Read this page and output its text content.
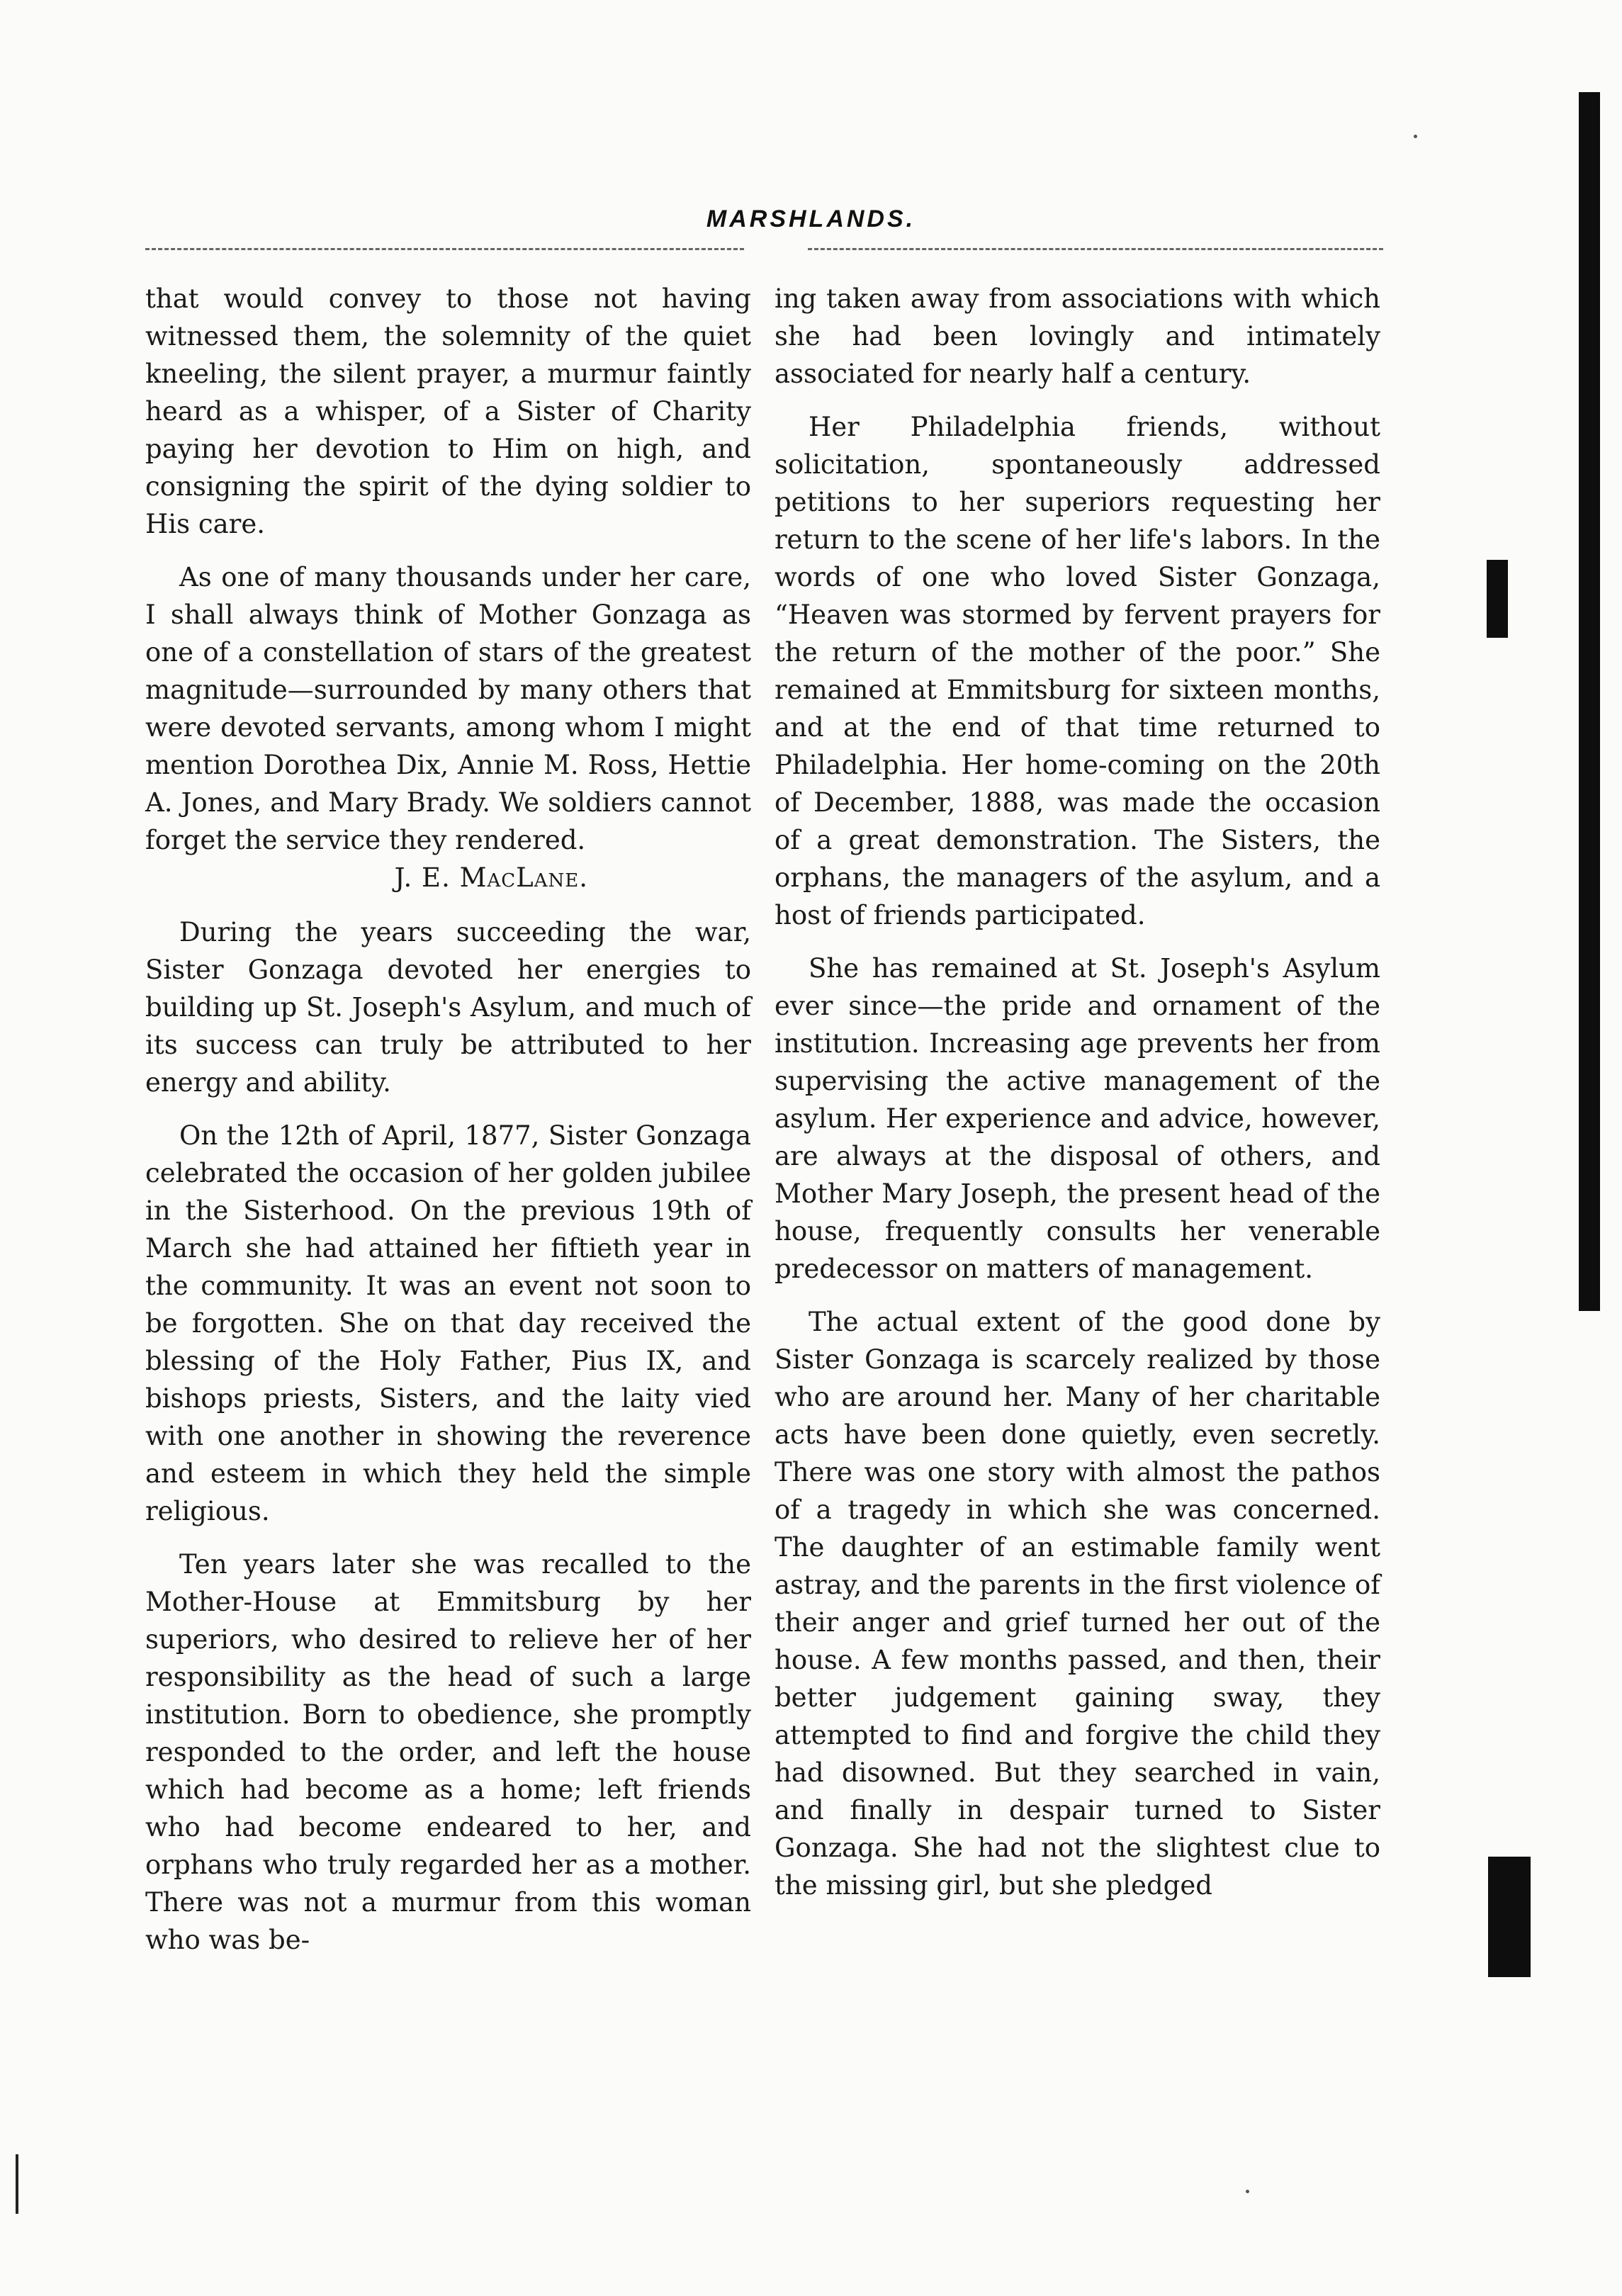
MARSHLANDS.

that would convey to those not having witnessed them, the solemnity of the quiet kneeling, the silent prayer, a murmur faintly heard as a whisper, of a Sister of Charity paying her devotion to Him on high, and consigning the spirit of the dying soldier to His care.

As one of many thousands under her care, I shall always think of Mother Gonzaga as one of a constellation of stars of the greatest magnitude—surrounded by many others that were devoted servants, among whom I might mention Dorothea Dix, Annie M. Ross, Hettie A. Jones, and Mary Brady. We soldiers cannot forget the service they rendered.

J. E. MacLane.

During the years succeeding the war, Sister Gonzaga devoted her energies to building up St. Joseph's Asylum, and much of its success can truly be attributed to her energy and ability.

On the 12th of April, 1877, Sister Gonzaga celebrated the occasion of her golden jubilee in the Sisterhood. On the previous 19th of March she had attained her fiftieth year in the community. It was an event not soon to be forgotten. She on that day received the blessing of the Holy Father, Pius IX, and bishops priests, Sisters, and the laity vied with one another in showing the reverence and esteem in which they held the simple religious.

Ten years later she was recalled to the Mother-House at Emmitsburg by her superiors, who desired to relieve her of her responsibility as the head of such a large institution. Born to obedience, she promptly responded to the order, and left the house which had become as a home; left friends who had become endeared to her, and orphans who truly regarded her as a mother. There was not a murmur from this woman who was be-

ing taken away from associations with which she had been lovingly and intimately associated for nearly half a century.

Her Philadelphia friends, without solicitation, spontaneously addressed petitions to her superiors requesting her return to the scene of her life's labors. In the words of one who loved Sister Gonzaga, “Heaven was stormed by fervent prayers for the return of the mother of the poor.” She remained at Emmitsburg for sixteen months, and at the end of that time returned to Philadelphia. Her home-coming on the 20th of December, 1888, was made the occasion of a great demonstration. The Sisters, the orphans, the managers of the asylum, and a host of friends participated.

She has remained at St. Joseph's Asylum ever since—the pride and ornament of the institution. Increasing age prevents her from supervising the active management of the asylum. Her experience and advice, however, are always at the disposal of others, and Mother Mary Joseph, the present head of the house, frequently consults her venerable predecessor on matters of management.

The actual extent of the good done by Sister Gonzaga is scarcely realized by those who are around her. Many of her charitable acts have been done quietly, even secretly. There was one story with almost the pathos of a tragedy in which she was concerned. The daughter of an estimable family went astray, and the parents in the first violence of their anger and grief turned her out of the house. A few months passed, and then, their better judgement gaining sway, they attempted to find and forgive the child they had disowned. But they searched in vain, and finally in despair turned to Sister Gonzaga. She had not the slightest clue to the missing girl, but she pledged
